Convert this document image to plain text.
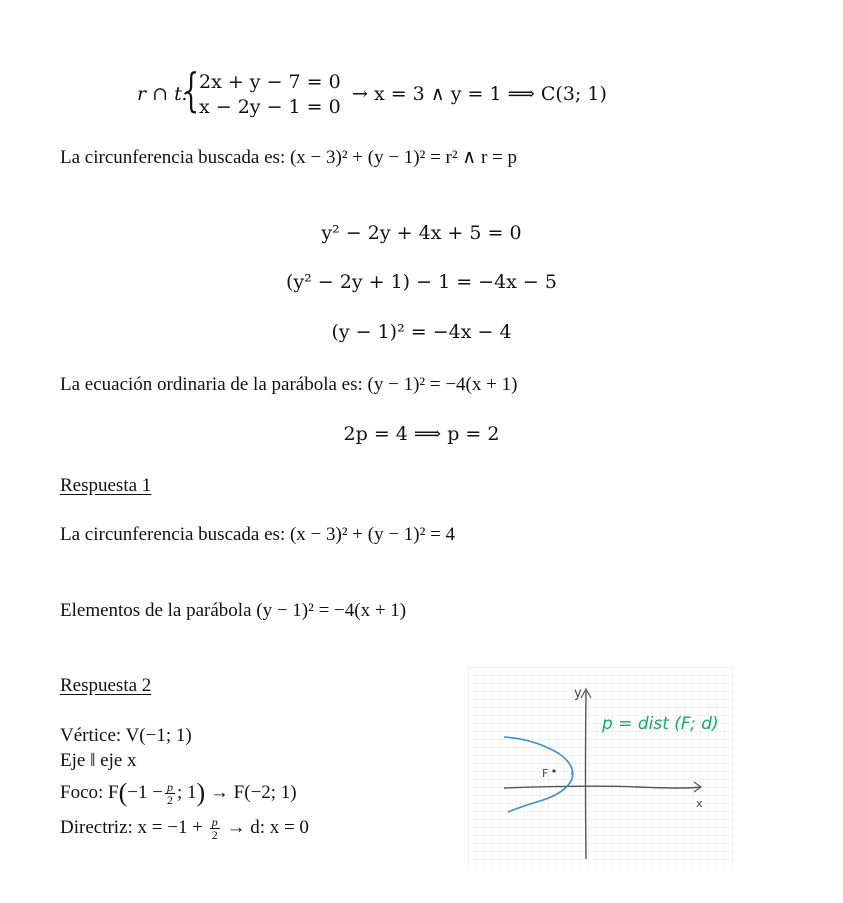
r ∩ t:
{ 2x + y − 7 = 0
x − 2y − 1 = 0
→ x = 3 ∧ y = 1 ⟹ C(3; 1)
La circunferencia buscada es: (x − 3)² + (y − 1)² = r² ∧ r = p
y² − 2y + 4x + 5 = 0
(y² − 2y + 1) − 1 = −4x − 5
(y − 1)² = −4x − 4
La ecuación ordinaria de la parábola es: (y − 1)² = −4(x + 1)
2p = 4 ⟹ p = 2
Respuesta 1
La circunferencia buscada es: (x − 3)² + (y − 1)² = 4
Elementos de la parábola (y − 1)² = −4(x + 1)
Respuesta 2
Vértice: V(−1; 1)
Eje ‖ eje x
Foco: $F(-1 - \frac{p}{2}$ ; 1) → F(−2; 1)
Directriz: $x = -1 + \frac{p}{2} \to d$: x = 0
F
y
x
p = dist (F; d)
